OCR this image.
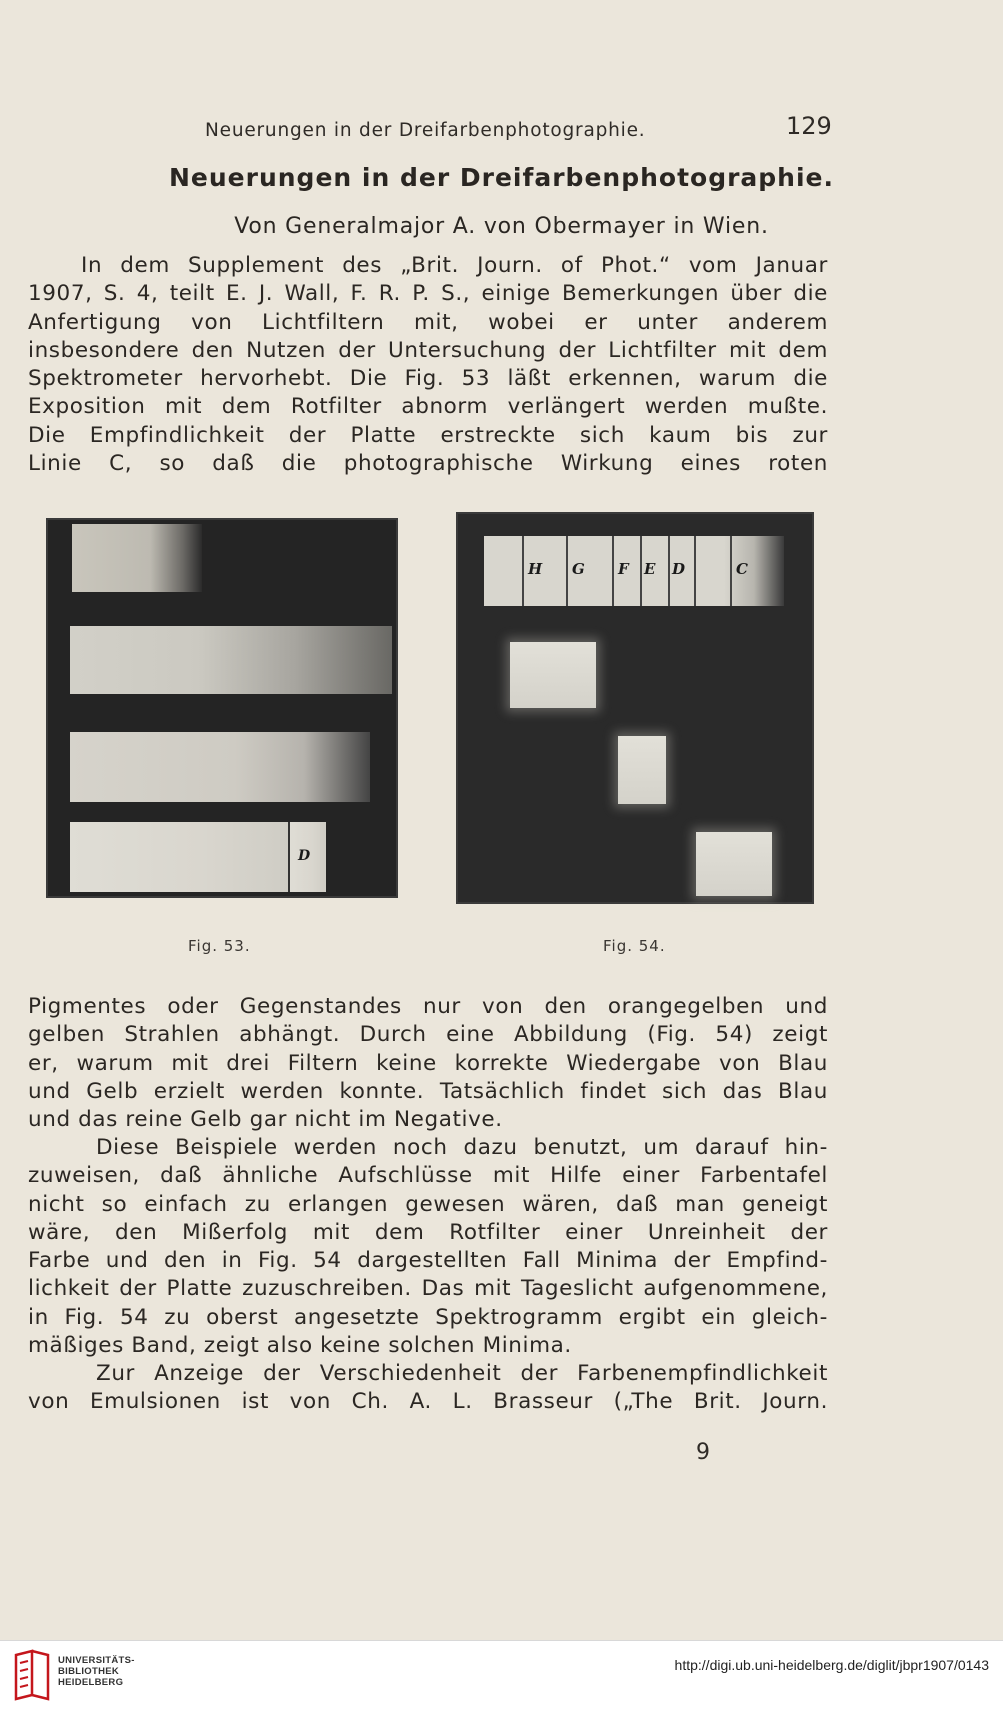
Neuerungen in der Dreifarbenphotographie.	129
Neuerungen in der Dreifarbenphotographie.
Von Generalmajor A. von Obermayer in Wien.
In dem Supplement des „Brit. Journ. of Phot.“ vom Januar
1907, S. 4, teilt E. J. Wall, F. R. P. S., einige Bemerkungen über die
Anfertigung von Lichtfiltern mit, wobei er unter anderem
insbesondere den Nutzen der Untersuchung der Lichtfilter mit dem
Spektrometer hervorhebt. Die Fig. 53 läßt erkennen, warum die
Exposition mit dem Rotfilter abnorm verlängert werden mußte.
Die Empfindlichkeit der Platte erstreckte sich kaum bis zur
Linie C, so daß die photographische Wirkung eines roten
D
Fig. 53.
H G F E D	C
Fig. 54.
Pigmentes oder Gegenstandes nur von den orangegelben und
gelben Strahlen abhängt. Durch eine Abbildung (Fig. 54) zeigt
er, warum mit drei Filtern keine korrekte Wiedergabe von Blau
und Gelb erzielt werden konnte. Tatsächlich findet sich das Blau
und das reine Gelb gar nicht im Negative.
Diese Beispiele werden noch dazu benutzt, um darauf hin-
zuweisen, daß ähnliche Aufschlüsse mit Hilfe einer Farbentafel
nicht so einfach zu erlangen gewesen wären, daß man geneigt
wäre, den Mißerfolg mit dem Rotfilter einer Unreinheit der
Farbe und den in Fig. 54 dargestellten Fall Minima der Empfind-
lichkeit der Platte zuzuschreiben. Das mit Tageslicht aufgenommene,
in Fig. 54 zu oberst angesetzte Spektrogramm ergibt ein gleich-
mäßiges Band, zeigt also keine solchen Minima.
Zur Anzeige der Verschiedenheit der Farbenempfindlichkeit
von Emulsionen ist von Ch. A. L. Brasseur („The Brit. Journ.
9
UNIVERSITÄTS-
BIBLIOTHEK
HEIDELBERG
http://digi.ub.uni-heidelberg.de/diglit/jbpr1907/0143
